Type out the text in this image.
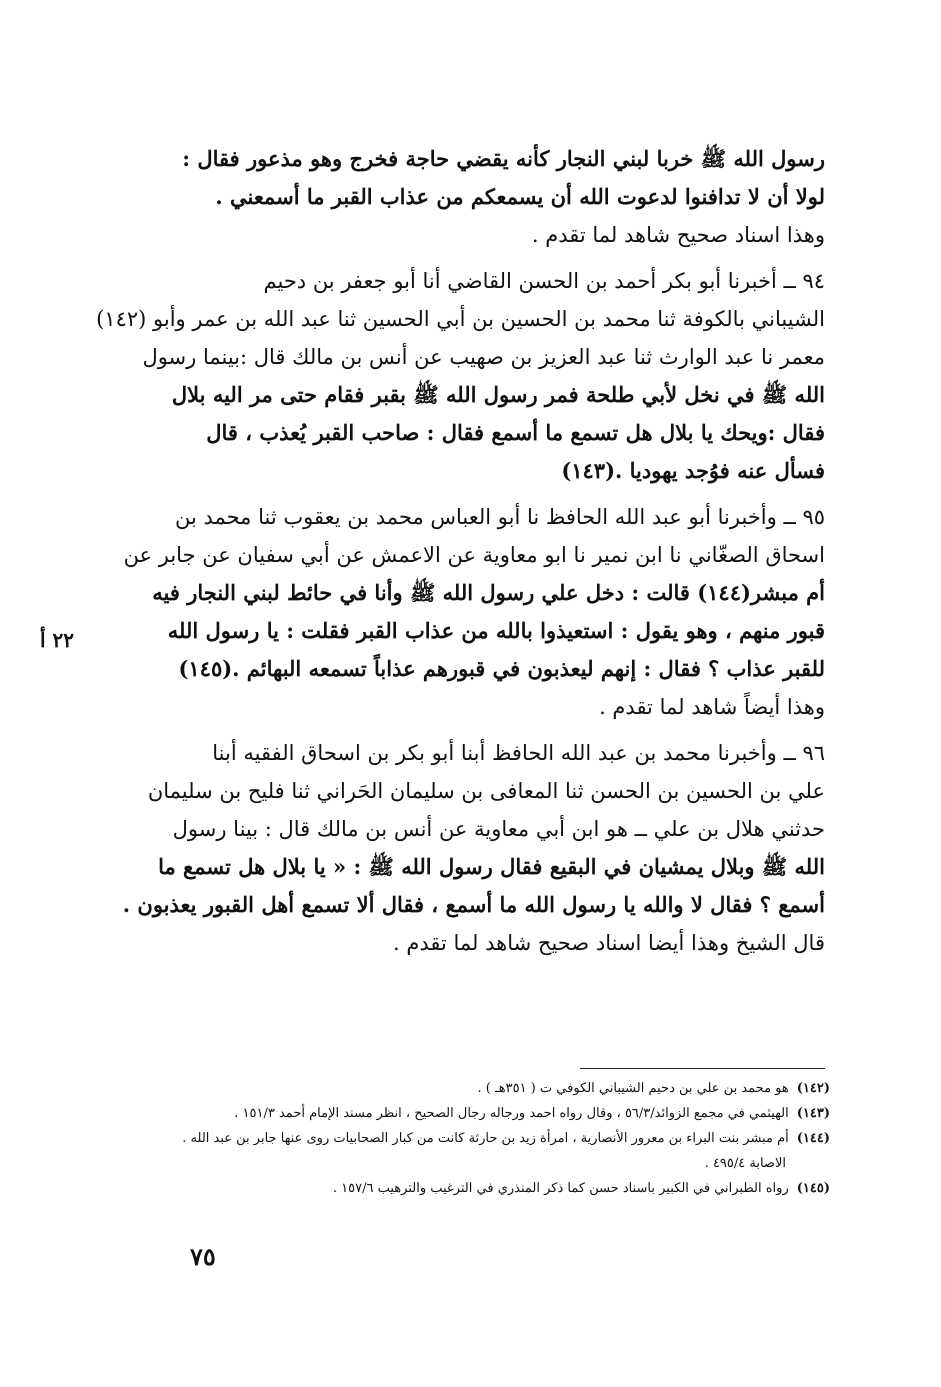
رسول الله ﷺ خربا لبني النجار كأنه يقضي حاجة فخرج وهو مذعور فقال :
لولا أن لا تدافنوا لدعوت الله أن يسمعكم من عذاب القبر ما أسمعني .
وهذا اسناد صحيح شاهد لما تقدم .
٩٤ ــ أخبرنا أبو بكر أحمد بن الحسن القاضي أنا أبو جعفر بن دحيم
الشيباني بالكوفة ثنا محمد بن الحسين بن أبي الحسين ثنا عبد الله بن عمر وأبو (١٤٢)
معمر نا عبد الوارث ثنا عبد العزيز بن صهيب عن أنس بن مالك قال :بينما رسول
الله ﷺ في نخل لأبي طلحة فمر رسول الله ﷺ بقبر فقام حتى مر اليه بلال
فقال :ويحك يا بلال هل تسمع ما أسمع فقال : صاحب القبر يُعذب ، قال
فسأل عنه فوُجد يهوديا .(١٤٣)
٩٥ ــ وأخبرنا أبو عبد الله الحافظ نا أبو العباس محمد بن يعقوب ثنا محمد بن
اسحاق الصغّاني نا ابن نمير نا ابو معاوية عن الاعمش عن أبي سفيان عن جابر عن
أم مبشر(١٤٤) قالت : دخل علي رسول الله ﷺ وأنا في حائط لبني النجار فيه
قبور منهم ، وهو يقول : استعيذوا بالله من عذاب القبر فقلت : يا رسول الله
للقبر عذاب ؟ فقال : إنهم ليعذبون في قبورهم عذاباً تسمعه البهائم .(١٤٥)
وهذا أيضاً شاهد لما تقدم .
٩٦ ــ وأخبرنا محمد بن عبد الله الحافظ أبنا أبو بكر بن اسحاق الفقيه أبنا
علي بن الحسين بن الحسن ثنا المعافى بن سليمان الحَراني ثنا فليح بن سليمان
حدثني هلال بن علي ــ هو ابن أبي معاوية عن أنس بن مالك قال : بينا رسول
الله ﷺ وبلال يمشيان في البقيع فقال رسول الله ﷺ : « يا بلال هل تسمع ما
أسمع ؟ فقال لا والله يا رسول الله ما أسمع ، فقال ألا تسمع أهل القبور يعذبون .
قال الشيخ وهذا أيضا اسناد صحيح شاهد لما تقدم .
٢٢ أ
(١٤٢)هو محمد بن علي بن دحيم الشيباني الكوفي ت ( ٣٥١هـ ) .
(١٤٣)الهيثمي في مجمع الزوائد/٥٦/٣ ، وقال رواه احمد ورجاله رجال الصحيح ، انظر مسند الإمام أحمد ١٥١/٣ .
(١٤٤)أم مبشر بنت البراء بن معرور الأنصارية ، امرأة زيد بن حارثة كانت من كبار الصحابيات روى عنها جابر بن عبد الله .
الاصابة ٤٩٥/٤ .
(١٤٥)رواه الطبراني في الكبير باسناد حسن كما ذكر المنذري في الترغيب والترهيب ١٥٧/٦ .
٧٥
